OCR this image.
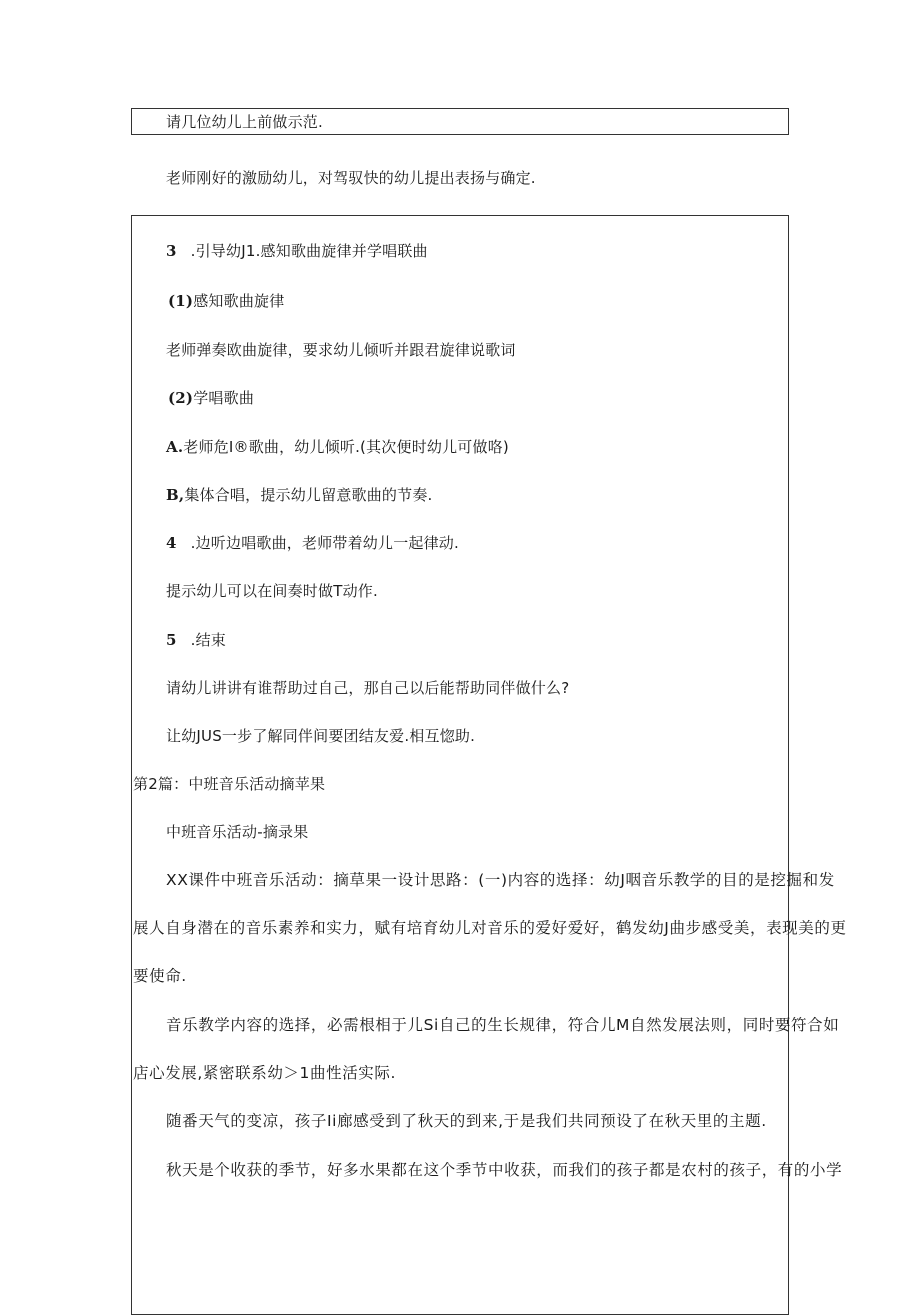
请几位幼儿上前做示范.
老师刚好的激励幼儿，对驾驭快的幼儿提出表扬与确定.
3 .引导幼J1.感知歌曲旋律并学唱联曲
(1)感知歌曲旋律
老师弹奏欧曲旋律，要求幼儿倾听并跟君旋律说歌词
(2)学唱歌曲
A.老师危I®歌曲，幼儿倾听.(其次便时幼儿可做咯)
B,集体合唱，提示幼儿留意歌曲的节奏.
4 .边听边唱歌曲，老师带着幼儿一起律动.
提示幼儿可以在间奏时做T动作.
5 .结束
请幼儿讲讲有谁帮助过自己，那自己以后能帮助同伴做什么?
让幼JUS一步了解同伴间要团结友爱.相互惚助.
第2篇：中班音乐活动摘苹果
中班音乐活动-摘录果
XX课件中班音乐活动：摘草果一设计思路：(一)内容的选择：幼J咽音乐教学的目的是挖掘和发
展人自身潜在的音乐素养和实力，赋有培育幼儿对音乐的爱好爱好，鹤发幼J曲步感受美，表现美的更
要使命.
音乐教学内容的选择，必需根相于儿Si自己的生长规律，符合儿M自然发展法则，同时要符合如
店心发展,紧密联系幼＞1曲性活实际.
随番天气的变凉，孩子Ii廊感受到了秋天的到来,于是我们共同预设了在秋天里的主题.
秋天是个收获的季节，好多水果都在这个季节中收获，而我们的孩子都是农村的孩子，有的小学
